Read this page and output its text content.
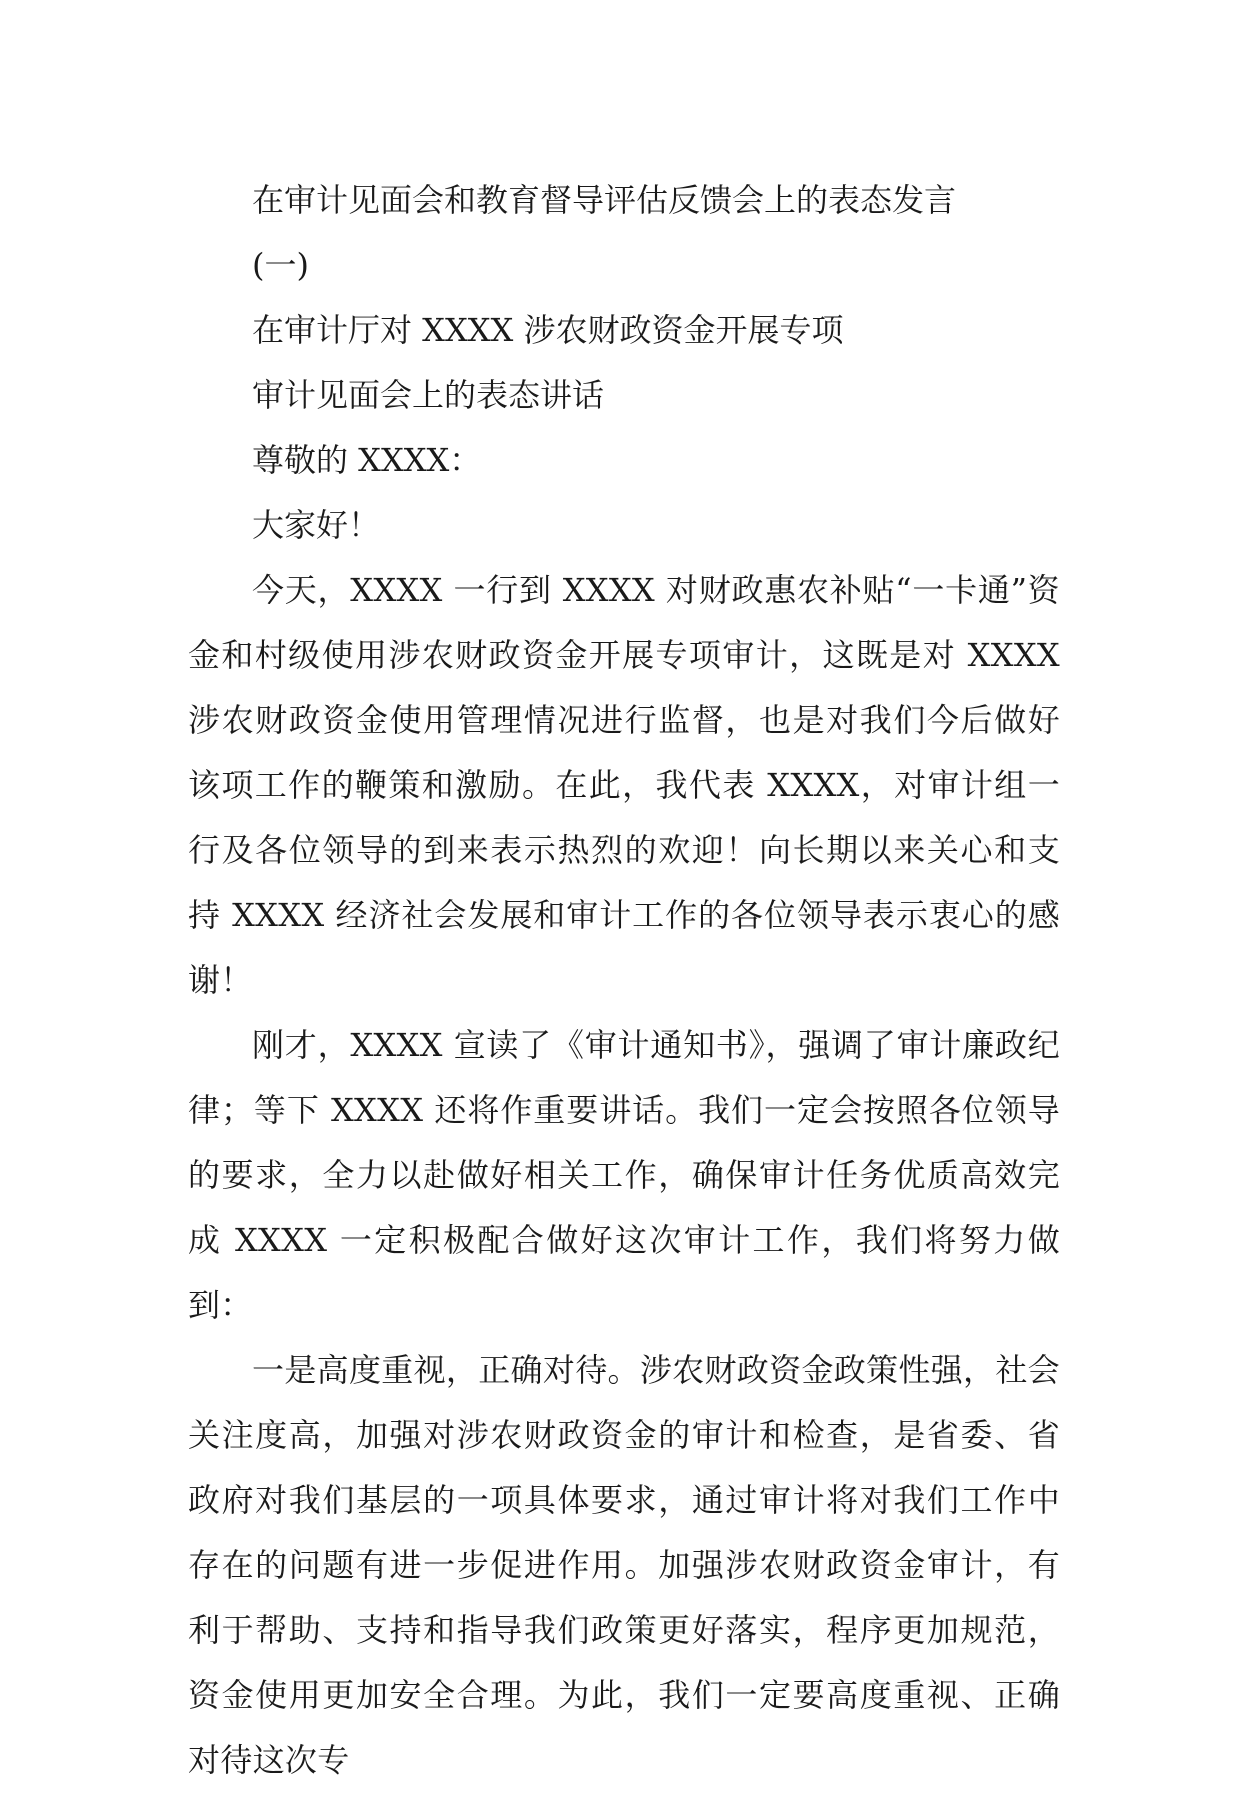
在审计见面会和教育督导评估反馈会上的表态发言

(一)

在审计厅对 XXXX 涉农财政资金开展专项

审计见面会上的表态讲话

尊敬的 XXXX：

大家好！

今天，XXXX 一行到 XXXX 对财政惠农补贴“一卡通”资金和村级使用涉农财政资金开展专项审计，这既是对 XXXX 涉农财政资金使用管理情况进行监督，也是对我们今后做好该项工作的鞭策和激励。在此，我代表 XXXX，对审计组一行及各位领导的到来表示热烈的欢迎！向长期以来关心和支持 XXXX 经济社会发展和审计工作的各位领导表示衷心的感谢！

刚才，XXXX 宣读了《审计通知书》，强调了审计廉政纪律；等下 XXXX 还将作重要讲话。我们一定会按照各位领导的要求，全力以赴做好相关工作，确保审计任务优质高效完成 XXXX 一定积极配合做好这次审计工作，我们将努力做到：

一是高度重视，正确对待。涉农财政资金政策性强，社会关注度高，加强对涉农财政资金的审计和检查，是省委、省政府对我们基层的一项具体要求，通过审计将对我们工作中存在的问题有进一步促进作用。加强涉农财政资金审计，有利于帮助、支持和指导我们政策更好落实，程序更加规范，资金使用更加安全合理。为此，我们一定要高度重视、正确对待这次专
